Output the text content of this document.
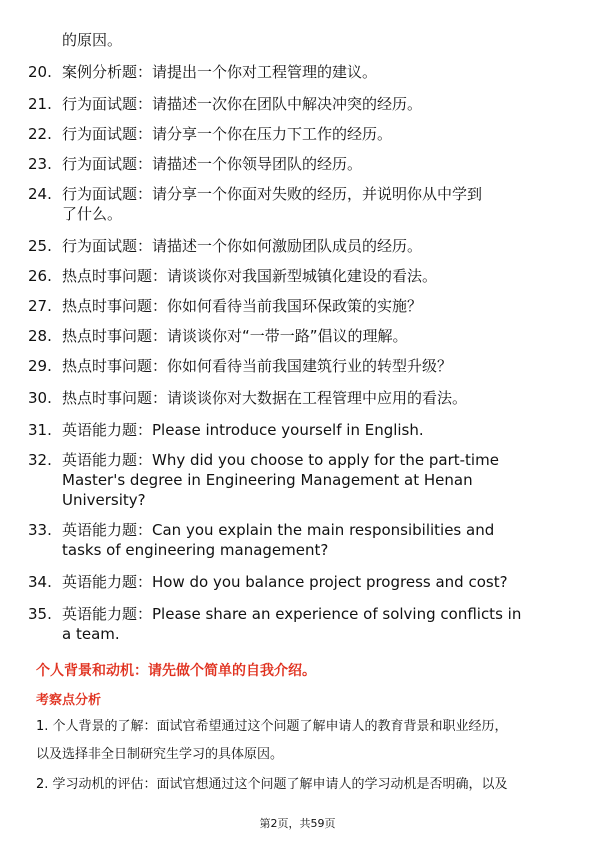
的原因。
20. 案例分析题：请提出一个你对工程管理的建议。
21. 行为面试题：请描述一次你在团队中解决冲突的经历。
22. 行为面试题：请分享一个你在压力下工作的经历。
23. 行为面试题：请描述一个你领导团队的经历。
24. 行为面试题：请分享一个你面对失败的经历，并说明你从中学到
了什么。
25. 行为面试题：请描述一个你如何激励团队成员的经历。
26. 热点时事问题：请谈谈你对我国新型城镇化建设的看法。
27. 热点时事问题：你如何看待当前我国环保政策的实施？
28. 热点时事问题：请谈谈你对“一带一路”倡议的理解。
29. 热点时事问题：你如何看待当前我国建筑行业的转型升级？
30. 热点时事问题：请谈谈你对大数据在工程管理中应用的看法。
31. 英语能力题：Please introduce yourself in English.
32. 英语能力题：Why did you choose to apply for the part-time
Master's degree in Engineering Management at Henan
University?
33. 英语能力题：Can you explain the main responsibilities and
tasks of engineering management?
34. 英语能力题：How do you balance project progress and cost?
35. 英语能力题：Please share an experience of solving conflicts in
a team.
个人背景和动机：请先做个简单的自我介绍。
考察点分析
1. 个人背景的了解：面试官希望通过这个问题了解申请人的教育背景和职业经历，
以及选择非全日制研究生学习的具体原因。
2. 学习动机的评估：面试官想通过这个问题了解申请人的学习动机是否明确，以及
第2页，共59页
